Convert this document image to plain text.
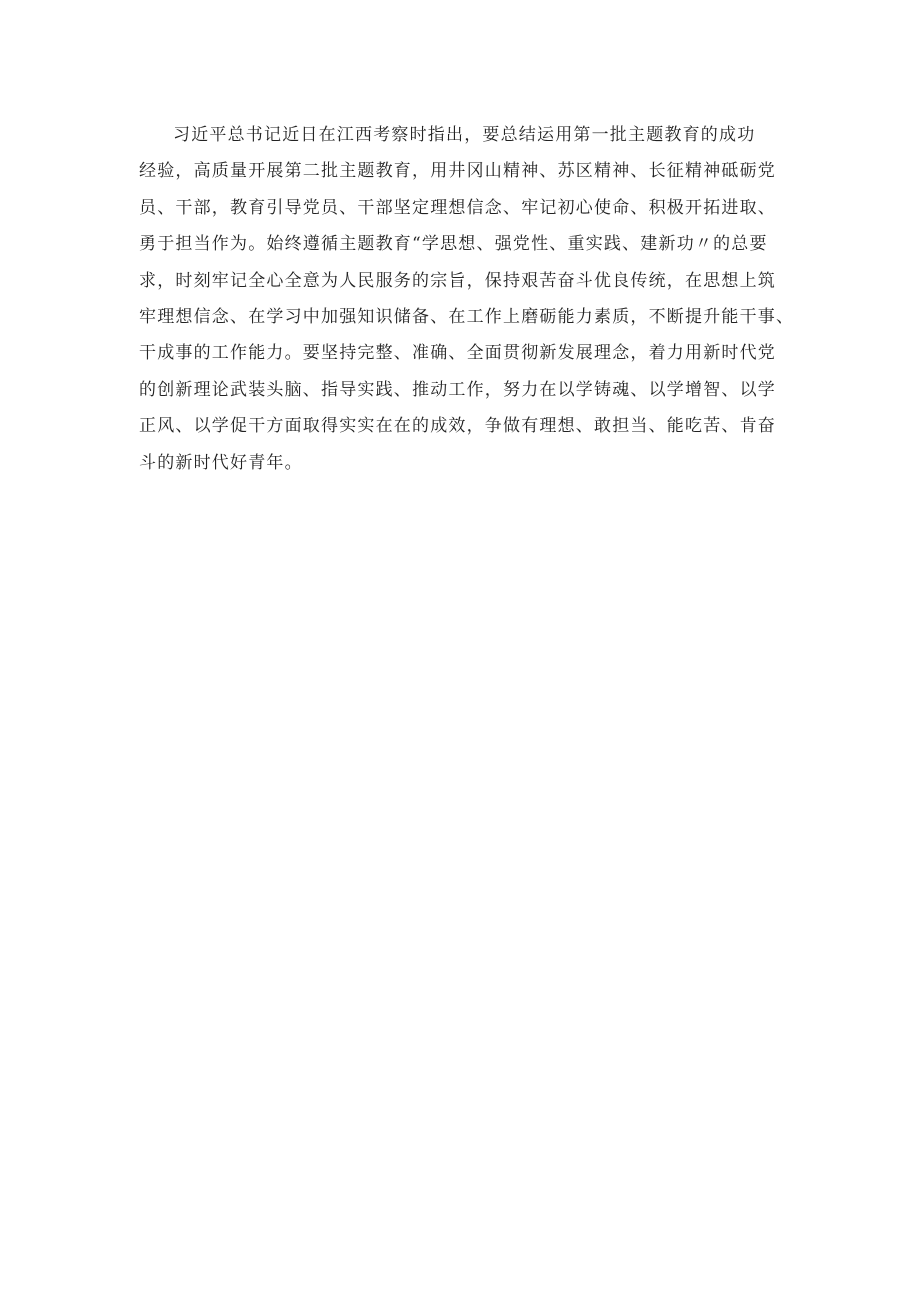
习近平总书记近日在江西考察时指出，要总结运用第一批主题教育的成功
经验，高质量开展第二批主题教育，用井冈山精神、苏区精神、长征精神砥砺党
员、干部，教育引导党员、干部坚定理想信念、牢记初心使命、积极开拓进取、
勇于担当作为。始终遵循主题教育“学思想、强党性、重实践、建新功〃的总要
求，时刻牢记全心全意为人民服务的宗旨，保持艰苦奋斗优良传统，在思想上筑
牢理想信念、在学习中加强知识储备、在工作上磨砺能力素质，不断提升能干事、
干成事的工作能力。要坚持完整、准确、全面贯彻新发展理念，着力用新时代党
的创新理论武装头脑、指导实践、推动工作，努力在以学铸魂、以学增智、以学
正风、以学促干方面取得实实在在的成效，争做有理想、敢担当、能吃苦、肯奋
斗的新时代好青年。
